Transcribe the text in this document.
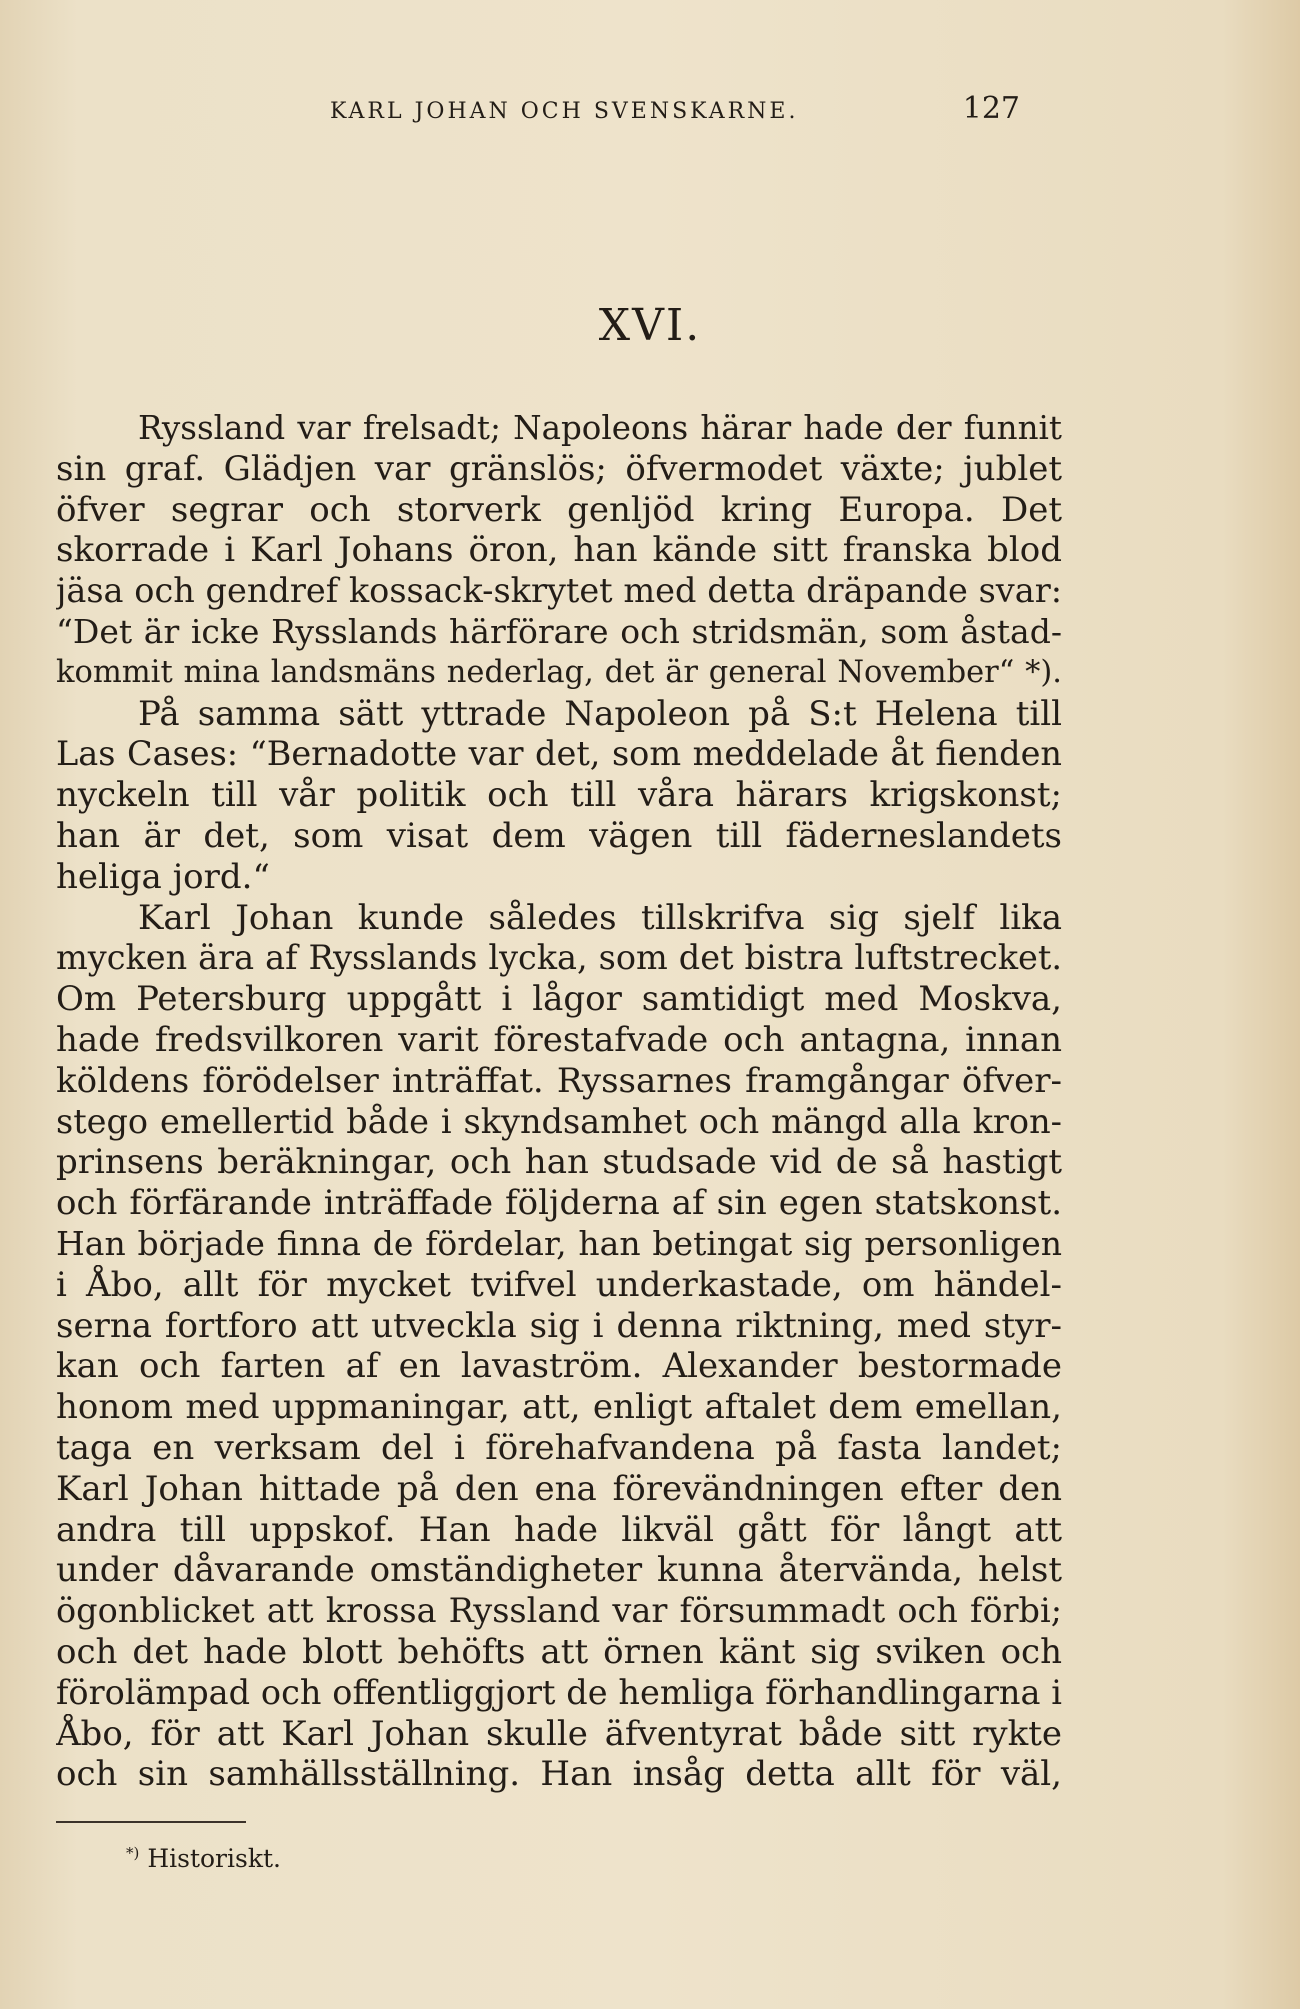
KARL JOHAN OCH SVENSKARNE.	127
XVI.
Ryssland var frelsadt; Napoleons härar hade der funnit
sin graf. Glädjen var gränslös; öfvermodet växte; jublet
öfver segrar och storverk genljöd kring Europa. Det
skorrade i Karl Johans öron, han kände sitt franska blod
jäsa och gendref kossack-skrytet med detta dräpande svar:
“Det är icke Rysslands härförare och stridsmän, som åstad-
kommit mina landsmäns nederlag, det är general November“ *).
På samma sätt yttrade Napoleon på S:t Helena till
Las Cases: “Bernadotte var det, som meddelade åt fienden
nyckeln till vår politik och till våra härars krigskonst;
han är det, som visat dem vägen till fäderneslandets
heliga jord.“
Karl Johan kunde således tillskrifva sig sjelf lika
mycken ära af Rysslands lycka, som det bistra luftstrecket.
Om Petersburg uppgått i lågor samtidigt med Moskva,
hade fredsvilkoren varit förestafvade och antagna, innan
köldens förödelser inträffat. Ryssarnes framgångar öfver-
stego emellertid både i skyndsamhet och mängd alla kron-
prinsens beräkningar, och han studsade vid de så hastigt
och förfärande inträffade följderna af sin egen statskonst.
Han började finna de fördelar, han betingat sig personligen
i Åbo, allt för mycket tvifvel underkastade, om händel-
serna fortforo att utveckla sig i denna riktning, med styr-
kan och farten af en lavaström. Alexander bestormade
honom med uppmaningar, att, enligt aftalet dem emellan,
taga en verksam del i förehafvandena på fasta landet;
Karl Johan hittade på den ena förevändningen efter den
andra till uppskof. Han hade likväl gått för långt att
under dåvarande omständigheter kunna återvända, helst
ögonblicket att krossa Ryssland var försummadt och förbi;
och det hade blott behöfts att örnen känt sig sviken och
förolämpad och offentliggjort de hemliga förhandlingarna i
Åbo, för att Karl Johan skulle äfventyrat både sitt rykte
och sin samhällsställning. Han insåg detta allt för väl,
*) Historiskt.
